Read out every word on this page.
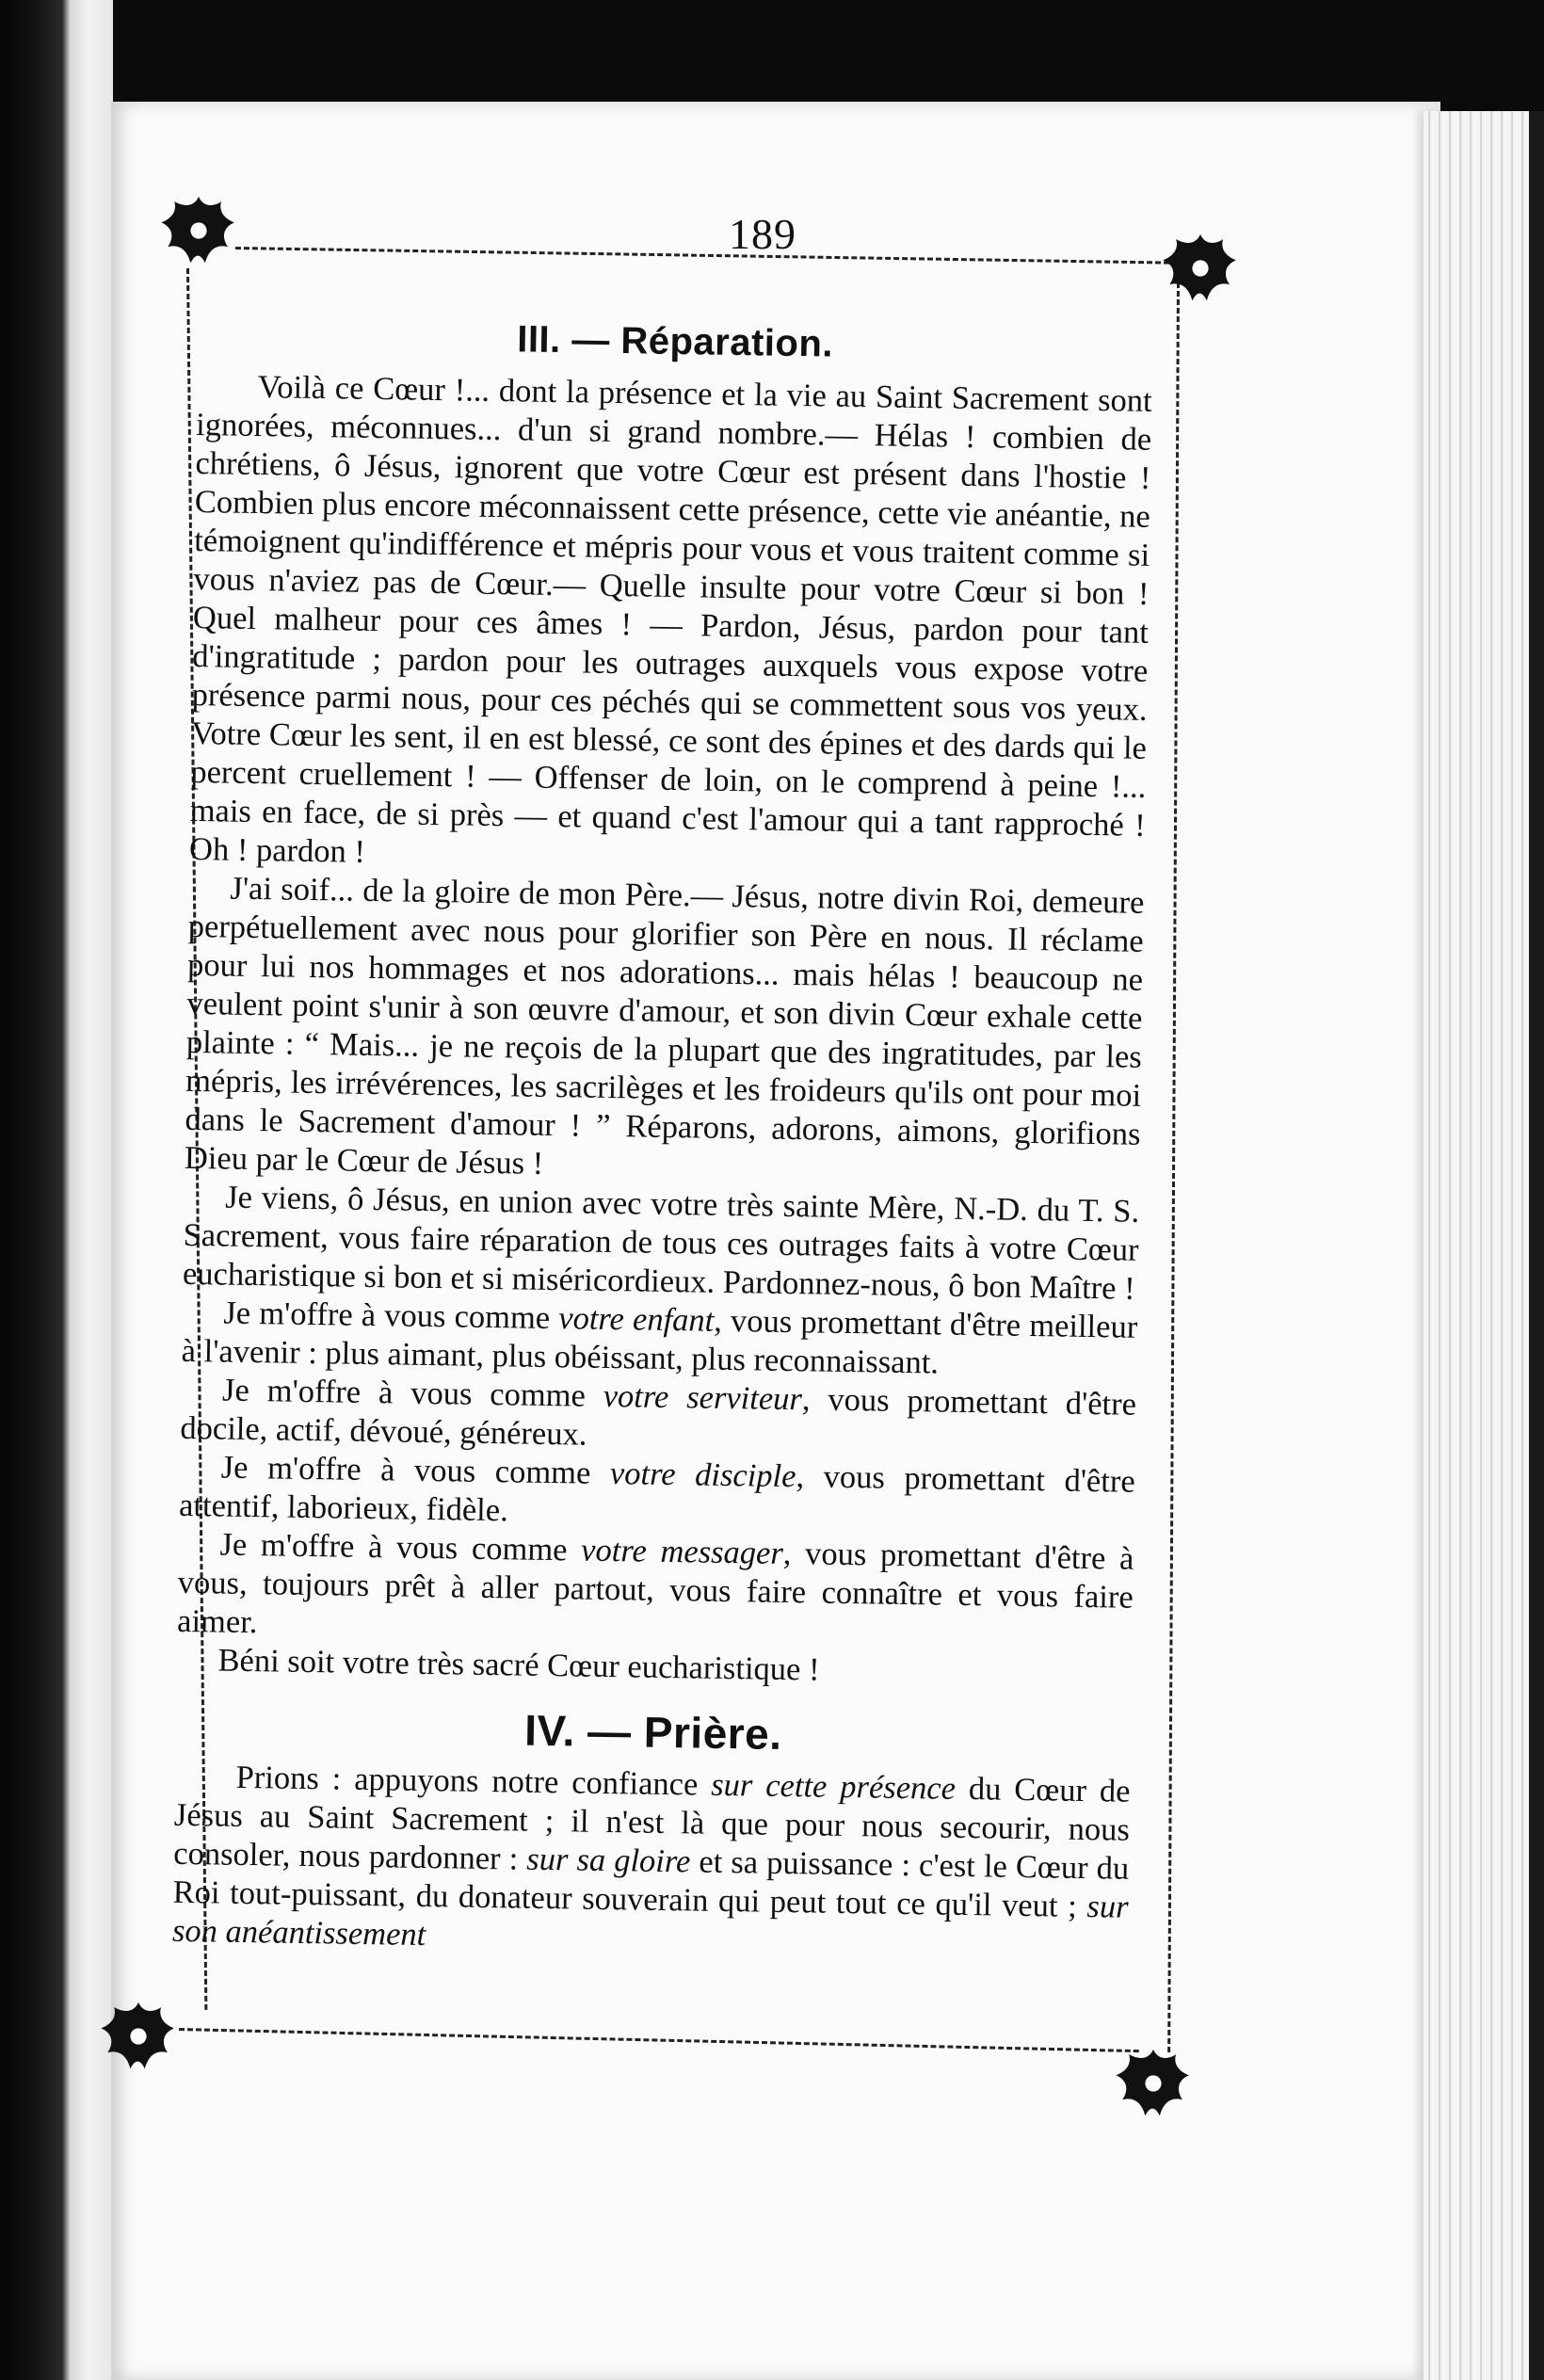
189
III. — Réparation.

Voilà ce Cœur !... dont la présence et la vie au Saint Sacrement sont ignorées, méconnues... d'un si grand nombre.— Hélas ! combien de chrétiens, ô Jésus, ignorent que votre Cœur est présent dans l'hostie ! Combien plus encore méconnaissent cette présence, cette vie anéantie, ne témoignent qu'indifférence et mépris pour vous et vous traitent comme si vous n'aviez pas de Cœur.— Quelle insulte pour votre Cœur si bon ! Quel malheur pour ces âmes ! — Pardon, Jésus, pardon pour tant d'ingratitude ; pardon pour les outrages auxquels vous expose votre présence parmi nous, pour ces péchés qui se commettent sous vos yeux. Votre Cœur les sent, il en est blessé, ce sont des épines et des dards qui le percent cruellement ! — Offenser de loin, on le comprend à peine !... mais en face, de si près — et quand c'est l'amour qui a tant rapproché ! Oh ! pardon !

J'ai soif... de la gloire de mon Père.— Jésus, notre divin Roi, demeure perpétuellement avec nous pour glorifier son Père en nous. Il réclame pour lui nos hommages et nos adorations... mais hélas ! beaucoup ne veulent point s'unir à son œuvre d'amour, et son divin Cœur exhale cette plainte : “ Mais... je ne reçois de la plupart que des ingratitudes, par les mépris, les irrévérences, les sacrilèges et les froideurs qu'ils ont pour moi dans le Sacrement d'amour ! ” Réparons, adorons, aimons, glorifions Dieu par le Cœur de Jésus !

Je viens, ô Jésus, en union avec votre très sainte Mère, N.-D. du T. S. Sacrement, vous faire réparation de tous ces outrages faits à votre Cœur eucharistique si bon et si miséricordieux. Pardonnez-nous, ô bon Maître !

Je m'offre à vous comme votre enfant, vous promettant d'être meilleur à l'avenir : plus aimant, plus obéissant, plus reconnaissant.

Je m'offre à vous comme votre serviteur, vous promettant d'être docile, actif, dévoué, généreux.

Je m'offre à vous comme votre disciple, vous promettant d'être attentif, laborieux, fidèle.

Je m'offre à vous comme votre messager, vous promettant d'être à vous, toujours prêt à aller partout, vous faire connaître et vous faire aimer.

Béni soit votre très sacré Cœur eucharistique !

IV. — Prière.

Prions : appuyons notre confiance sur cette présence du Cœur de Jésus au Saint Sacrement ; il n'est là que pour nous secourir, nous consoler, nous pardonner : sur sa gloire et sa puissance : c'est le Cœur du Roi tout-puissant, du donateur souverain qui peut tout ce qu'il veut ; sur son anéantissement
